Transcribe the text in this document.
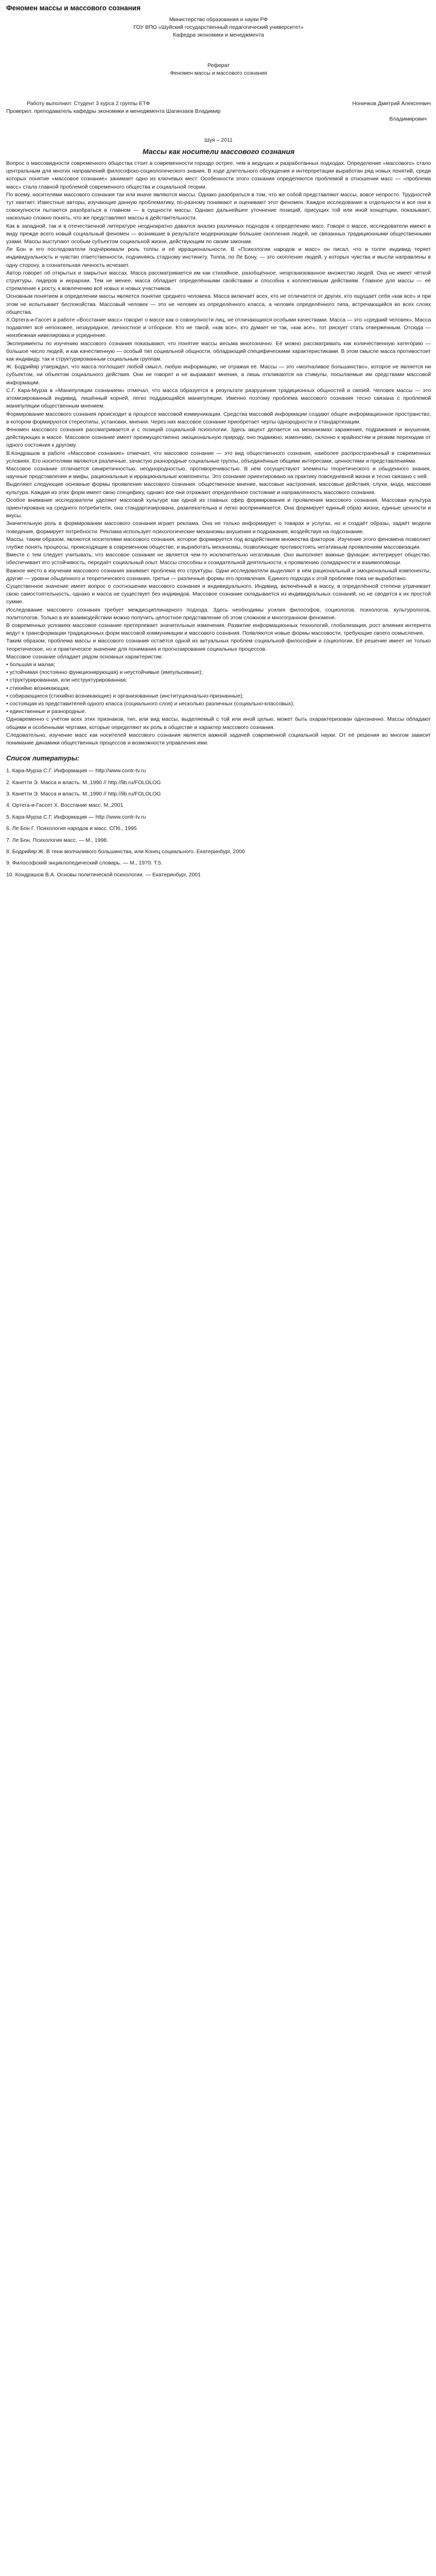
Феномен массы и массового сознания
Министерство образования и науки РФ
ГОУ ВПО «Шуйский государственный педагогический университет»
Кафедра экономики и менеджмента
Реферат
Феномен массы и массового сознания
Работу выполнил: Студент 3 курса 2 группы ЕТФ	Ноничков Дмитрий Алексеевич
Проверил: преподаватель кафедры экономики и менеджмента Шагинзаев Владимир
Владимирович
Шуя – 2011
Массы как носители массового сознания

Вопрос о массовидности современного общества стоит в современности гораздо острее, чем в ведущих и разработанных подходах. Определение «массового» стало центральным для многих направлений философско-социологического знания. В ходе длительного обсуждения и интерпретации выработан ряд новых понятий, среди которых понятие «массовое сознание» занимает одно из ключевых мест. Особенности этого сознания определяются проблемой в отношении масс — «проблема масс» стала главной проблемой современного общества и социальной теории.

По всему, носителями массового сознания так или иначе являются массы. Однако разобраться в том, что же собой представляют массы, вовсе непросто. Трудностей тут хватает. Известные авторы, изучающие данную проблематику, по-разному понимают и оценивают этот феномен. Каждое исследование в отдельности и все они в совокупности пытаются разобраться в главном — в сущности массы. Однако дальнейшее уточнение позиций, присущих той или иной концепции, показывает, насколько сложно понять, что же представляют массы в действительности.

Как в западной, так и в отечественной литературе неоднократно давался анализ различных подходов к определению масс. Говоря о массе, исследователи имеют в виду прежде всего новый социальный феномен — возникшие в результате модернизации большие скопления людей, не связанных традиционными общественными узами. Массы выступают особым субъектом социальной жизни, действующим по своим законам.

Ле Бон и его последователи подчёркивали роль толпы и её иррациональности. В «Психологии народов и масс» он писал, что в толпе индивид теряет индивидуальность и чувство ответственности, подчиняясь стадному инстинкту. Толпа, по Ле Бону, — это скопление людей, у которых чувства и мысли направлены в одну сторону, а сознательная личность исчезает.

Автор говорит об открытых и закрытых массах. Масса рассматривается им как стихийное, разобщённое, неорганизованное множество людей. Она не имеет чёткой структуры, лидеров и иерархии. Тем не менее, масса обладает определёнными свойствами и способна к коллективным действиям. Главное для массы — её стремление к росту, к вовлечению всё новых и новых участников.

Основным понятием в определении массы является понятие среднего человека. Масса включает всех, кто не отличается от других, кто ощущает себя «как все» и при этом не испытывает беспокойства. Массовый человек — это не человек из определённого класса, а человек определённого типа, встречающийся во всех слоях общества.

Х.Ортега-и-Гассет в работе «Восстание масс» говорит о массе как о совокупности лиц, не отличающихся особыми качествами. Масса — это «средний человек». Масса подавляет всё непохожее, незаурядное, личностное и отборное. Кто не такой, «как все», кто думает не так, «как все», тот рискует стать отверженным. Отсюда — неизбежная нивелировка и усреднение.

Эксперименты по изучению массового сознания показывают, что понятие массы весьма многозначно. Её можно рассматривать как количественную категорию — большое число людей, и как качественную — особый тип социальной общности, обладающий специфическими характеристиками. В этом смысле масса противостоит как индивиду, так и структурированным социальным группам.

Ж. Бодрийяр утверждал, что масса поглощает любой смысл, любую информацию, не отражая её. Массы — это «молчаливое большинство», которое не является ни субъектом, ни объектом социального действия. Они не говорят и не выражают мнения, а лишь откликаются на стимулы, посылаемые им средствами массовой информации.

С.Г. Кара-Мурза в «Манипуляции сознанием» отмечал, что масса образуется в результате разрушения традиционных общностей и связей. Человек массы — это атомизированный индивид, лишённый корней, легко поддающийся манипуляции. Именно поэтому проблема массового сознания тесно связана с проблемой манипуляции общественным мнением.

Формирование массового сознания происходит в процессе массовой коммуникации. Средства массовой информации создают общее информационное пространство, в котором формируются стереотипы, установки, мнения. Через них массовое сознание приобретает черты однородности и стандартизации.

Феномен массового сознания рассматривается и с позиций социальной психологии. Здесь акцент делается на механизмах заражения, подражания и внушения, действующих в массе. Массовое сознание имеет преимущественно эмоциональную природу, оно подвижно, изменчиво, склонно к крайностям и резким переходам от одного состояния к другому.

В.Кондрашов в работе «Массовое сознание» отмечает, что массовое сознание — это вид общественного сознания, наиболее распространённый в современных условиях. Его носителями являются различные, зачастую разнородные социальные группы, объединённые общими интересами, ценностями и представлениями.

Массовое сознание отличается синкретичностью, неоднородностью, противоречивостью. В нём сосуществуют элементы теоретического и обыденного знания, научные представления и мифы, рациональные и иррациональные компоненты. Это сознание ориентировано на практику повседневной жизни и тесно связано с ней.

Выделяют следующие основные формы проявления массового сознания: общественное мнение, массовые настроения, массовые действия, слухи, мода, массовая культура. Каждая из этих форм имеет свою специфику, однако все они отражают определённое состояние и направленность массового сознания.

Особое внимание исследователи уделяют массовой культуре как одной из главных сфер формирования и проявления массового сознания. Массовая культура ориентирована на среднего потребителя, она стандартизирована, развлекательна и легко воспринимается. Она формирует единый образ жизни, единые ценности и вкусы.

Значительную роль в формировании массового сознания играет реклама. Она не только информирует о товарах и услугах, но и создаёт образы, задаёт модели поведения, формирует потребности. Реклама использует психологические механизмы внушения и подражания, воздействуя на подсознание.

Массы, таким образом, являются носителями массового сознания, которое формируется под воздействием множества факторов. Изучение этого феномена позволяет глубже понять процессы, происходящие в современном обществе, и выработать механизмы, позволяющие противостоять негативным проявлениям массовизации.

Вместе с тем следует учитывать, что массовое сознание не является чем-то исключительно негативным. Оно выполняет важные функции: интегрирует общество, обеспечивает его устойчивость, передаёт социальный опыт. Массы способны к созидательной деятельности, к проявлению солидарности и взаимопомощи.

Важное место в изучении массового сознания занимает проблема его структуры. Одни исследователи выделяют в нём рациональный и эмоциональный компоненты, другие — уровни обыденного и теоретического сознания, третьи — различные формы его проявления. Единого подхода к этой проблеме пока не выработано.

Существенное значение имеет вопрос о соотношении массового сознания и индивидуального. Индивид, включённый в массу, в определённой степени утрачивает свою самостоятельность, однако и масса не существует без индивидов. Массовое сознание складывается из индивидуальных сознаний, но не сводится к их простой сумме.

Исследование массового сознания требует междисциплинарного подхода. Здесь необходимы усилия философов, социологов, психологов, культурологов, политологов. Только в их взаимодействии можно получить целостное представление об этом сложном и многогранном феномене.

В современных условиях массовое сознание претерпевает значительные изменения. Развитие информационных технологий, глобализация, рост влияния интернета ведут к трансформации традиционных форм массовой коммуникации и массового сознания. Появляются новые формы массовости, требующие своего осмысления.

Таким образом, проблема массы и массового сознания остаётся одной из актуальных проблем социальной философии и социологии. Её решение имеет не только теоретическое, но и практическое значение для понимания и прогнозирования социальных процессов.

Массовое сознание обладает рядом основных характеристик:

• большая и малая;
• устойчивая (постоянно функционирующая) и неустойчивые (импульсивные);
• структурированная, или неструктурированная;
• стихийно возникающая;
• собирающиеся (стихийно возникающие) и организованные (институционально-признанные);
• состоящая из представителей одного класса (социального слоя) и несколько различных (социально-классовых);
• единственные и разнородные.

Одновременно с учётом всех этих признаков, тип, или вид массы, выделяемый с той или иной целью, может быть охарактеризован однозначно. Массы обладают общими и особенными чертами, которые определяют их роль в обществе и характер массового сознания.

Следовательно, изучение масс как носителей массового сознания является важной задачей современной социальной науки. От её решения во многом зависит понимание динамики общественных процессов и возможности управления ими.

Список литературы:

1. Кара-Мурза С.Г. Информация — http://www.contr-tv.ru

2. Канетти Э. Масса и власть. М.,1990 // http://lib.ru/FOLOLOG

3. Канетти Э. Масса и власть. М.,1990 // http://lib.ru/FOLOLOG

4. Ортега-и-Гассет Х. Восстание масс. М.,2001

5. Кара-Мурза С.Г. Информация — http://www.contr-tv.ru

6. Ле Бон Г. Психология народов и масс. СПб., 1995

7. Ле Бон. Психология масс. — М., 1998.

8. Бодрийяр Ж. В тени молчаливого большинства, или Конец социального. Екатеринбург, 2000

9. Философский энциклопедический словарь. — М., 1970. Т.5.

10. Кондрашов В.А. Основы политической психологии. — Екатеринбург, 2001
